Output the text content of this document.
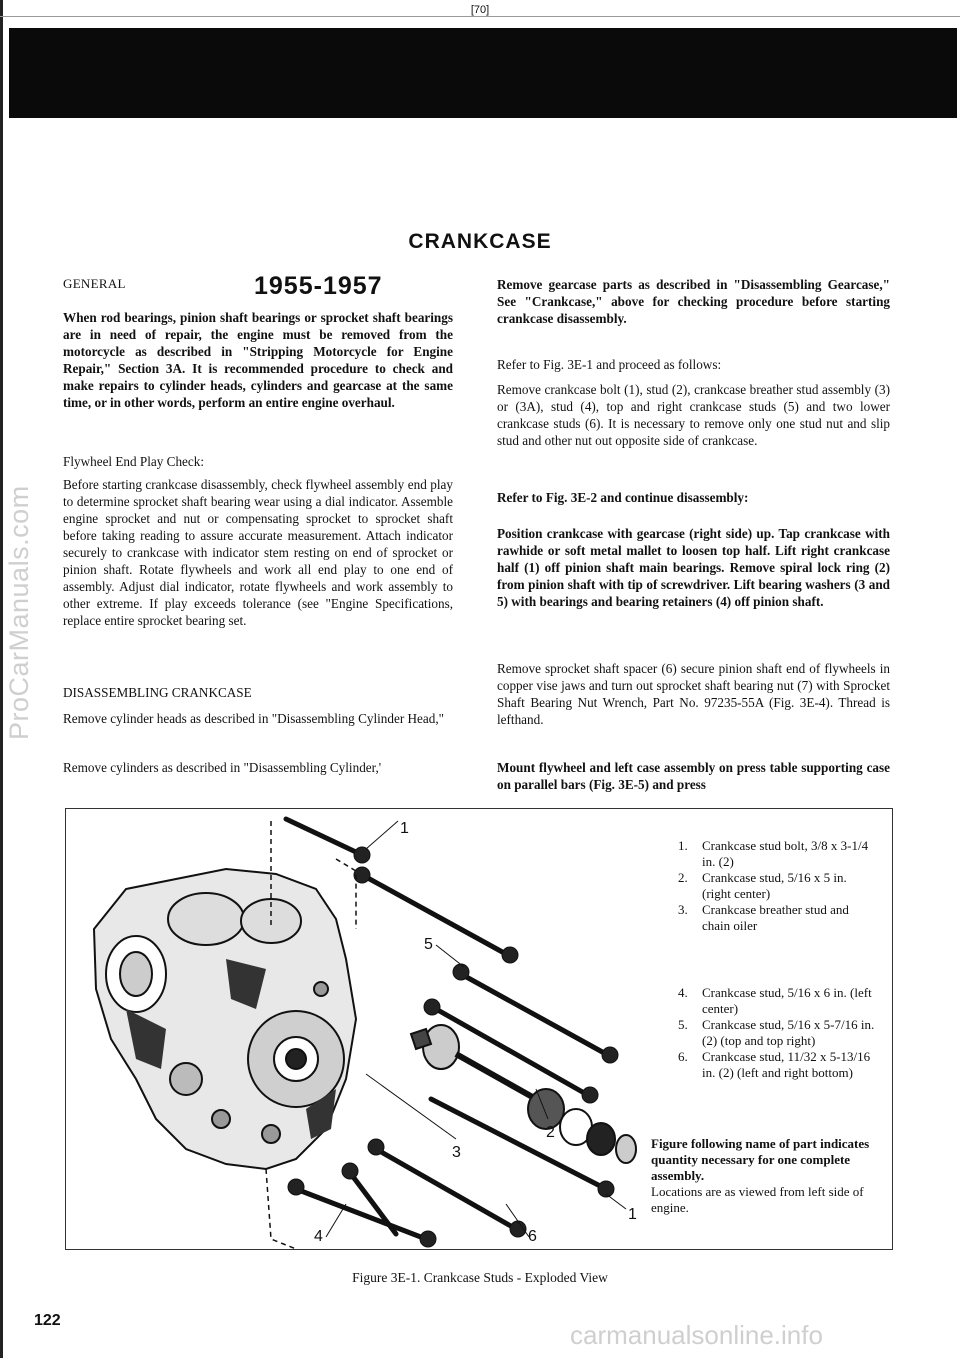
[70]
ProCarManuals.com
CRANKCASE
GENERAL	1955-1957

When rod bearings, pinion shaft bearings or sprocket shaft bearings are in need of repair, the engine must be removed from the motorcycle as described in "Stripping Motorcycle for Engine Repair," Section 3A. It is recommended procedure to check and make repairs to cylinder heads, cylinders and gearcase at the same time, or in other words, perform an entire engine overhaul.

Flywheel End Play Check:

Before starting crankcase disassembly, check flywheel assembly end play to determine sprocket shaft bearing wear using a dial indicator. Assemble engine sprocket and nut or compensating sprocket to sprocket shaft before taking reading to assure accurate measurement. Attach indicator securely to crankcase with indicator stem resting on end of sprocket or pinion shaft. Rotate flywheels and work all end play to one end of assembly. Adjust dial indicator, rotate flywheels and work assembly to other extreme. If play exceeds tolerance (see "Engine Specifications, replace entire sprocket bearing set.

DISASSEMBLING CRANKCASE

Remove cylinder heads as described in "Disassembling Cylinder Head,"

Remove cylinders as described in "Disassembling Cylinder,'

Remove gearcase parts as described in "Disassembling Gearcase," See "Crankcase," above for checking procedure before starting crankcase disassembly.

Refer to Fig. 3E-1 and proceed as follows:

Remove crankcase bolt (1), stud (2), crankcase breather stud assembly (3) or (3A), stud (4), top and right crankcase studs (5) and two lower crankcase studs (6). It is necessary to remove only one stud nut and slip stud and other nut out opposite side of crankcase.

Refer to Fig. 3E-2 and continue disassembly:

Position crankcase with gearcase (right side) up. Tap crankcase with rawhide or soft metal mallet to loosen top half. Lift right crankcase half (1) off pinion shaft main bearings. Remove spiral lock ring (2) from pinion shaft with tip of screwdriver. Lift bearing washers (3 and 5) with bearings and bearing retainers (4) off pinion shaft.

Remove sprocket shaft spacer (6) secure pinion shaft end of flywheels in copper vise jaws and turn out sprocket shaft bearing nut (7) with Sprocket Shaft Bearing Nut Wrench, Part No. 97235-55A (Fig. 3E-4). Thread is lefthand.

Mount flywheel and left case assembly on press table supporting case on parallel bars (Fig. 3E-5) and press

1
5
2
3
4	6
1
1.	Crankcase stud bolt, 3/8 x 3-1/4 in. (2)
2.	Crankcase stud, 5/16 x 5 in. (right center)
3.	Crankcase breather stud and chain oiler
4.	Crankcase stud, 5/16 x 6 in. (left center)
5.	Crankcase stud, 5/16 x 5-7/16 in. (2) (top and top right)
6.	Crankcase stud, 11/32 x 5-13/16 in. (2) (left and right bottom)
Figure following name of part indicates quantity necessary for one complete assembly.
Locations are as viewed from left side of engine.
Figure 3E-1. Crankcase Studs - Exploded View
122	carmanualsonline.info
